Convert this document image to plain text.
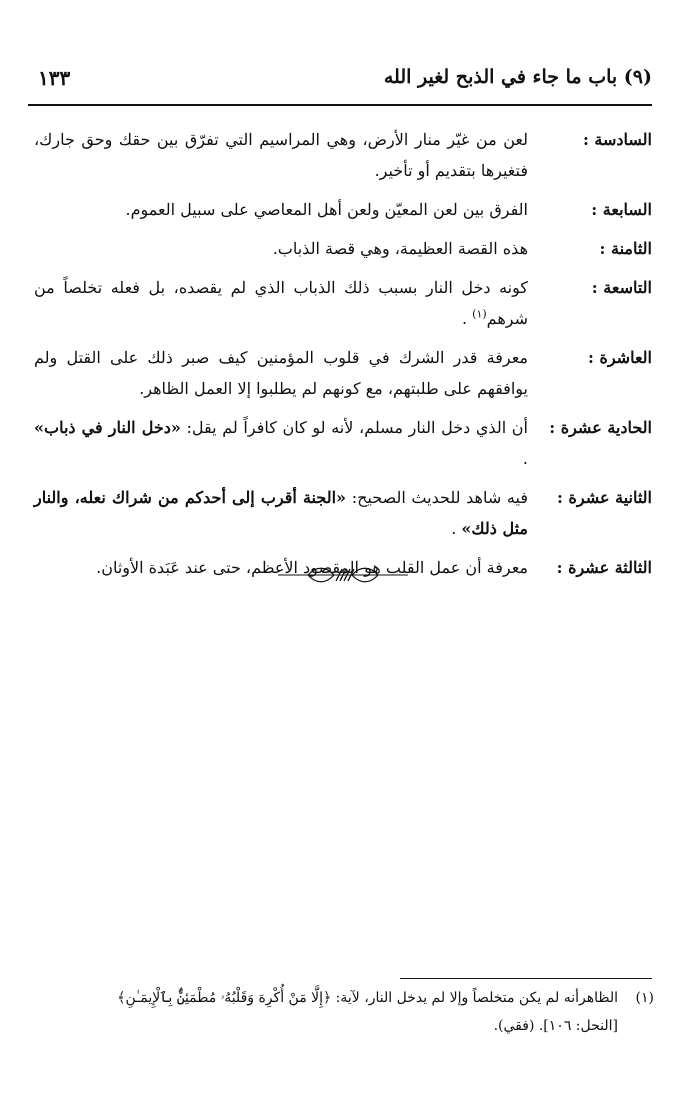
(٩) باب ما جاء في الذبح لغير الله
١٣٣
السادسة :
لعن من غيّر منار الأرض، وهي المراسيم التي تفرّق بين حقك وحق جارك، فتغيرها بتقديم أو تأخير.
السابعة :
الفرق بين لعن المعيّن ولعن أهل المعاصي على سبيل العموم.
الثامنة :
هذه القصة العظيمة، وهي قصة الذباب.
التاسعة :
كونه دخل النار بسبب ذلك الذباب الذي لم يقصده، بل فعله تخلصاً من شرهم$^{(١)}$ .
العاشرة :
معرفة قدر الشرك في قلوب المؤمنين كيف صبر ذلك على القتل ولم يوافقهم على طلبتهم، مع كونهم لم يطلبوا إلا العمل الظاهر.
الحادية عشرة :
أن الذي دخل النار مسلم، لأنه لو كان كافراً لم يقل: «دخل النار في ذباب» .
الثانية عشرة :
فيه شاهد للحديث الصحيح: «الجنة أقرب إلى أحدكم من شراك نعله، والنار مثل ذلك» .
الثالثة عشرة :
معرفة أن عمل القلب هو المقصود الأعظم، حتى عند عَبَدة الأوثان.
(١)
الظاهرأنه لم يكن متخلصاً وإلا لم يدخل النار، لآية: ﴿إِلَّا مَنْ أُكْرِهَ وَقَلْبُهُۥ مُطْمَئِنٌّۢ بِٱلْإِيمَـٰنِ﴾
[النحل: ١٠٦]. (فقي).
